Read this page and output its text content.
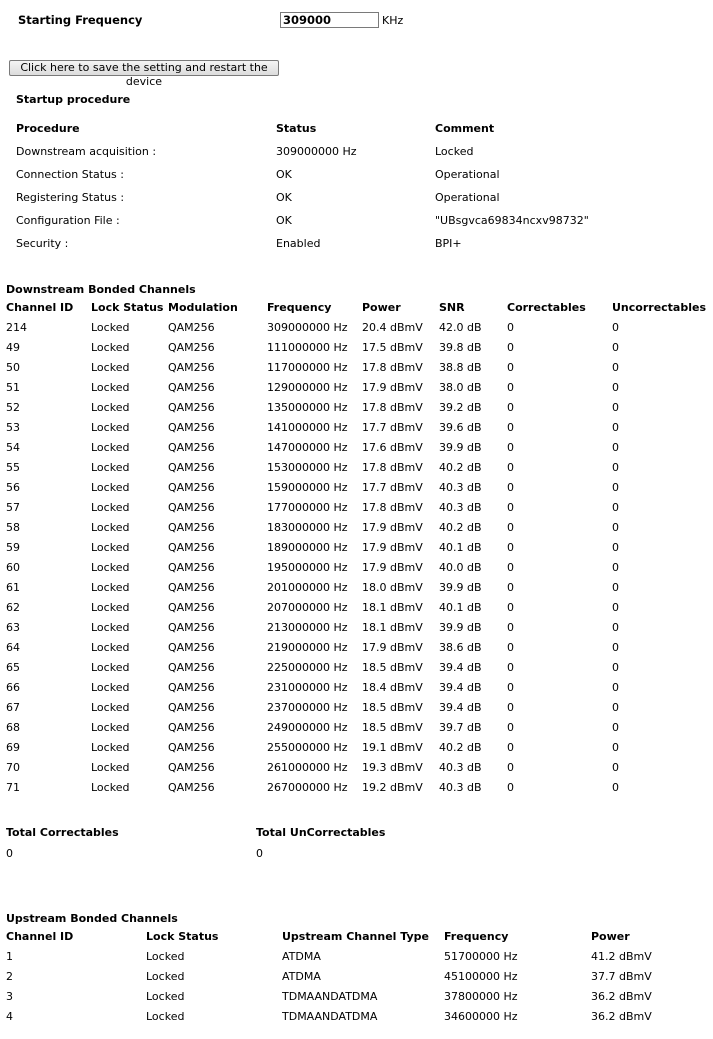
Starting Frequency
309000	KHz
Click here to save the setting and restart the device
Startup procedure
Procedure	Status	Comment
Downstream acquisition :	309000000 Hz	Locked
Connection Status :	OK	Operational
Registering Status :	OK	Operational
Configuration File :	OK	"UBsgvca69834ncxv98732"
Security :	Enabled	BPI+
Downstream Bonded Channels
Channel ID	Lock Status	Modulation	Frequency	Power	SNR	Correctables	Uncorrectables
214	Locked	QAM256	309000000 Hz	20.4 dBmV	42.0 dB	0	0
49	Locked	QAM256	111000000 Hz	17.5 dBmV	39.8 dB	0	0
50	Locked	QAM256	117000000 Hz	17.8 dBmV	38.8 dB	0	0
51	Locked	QAM256	129000000 Hz	17.9 dBmV	38.0 dB	0	0
52	Locked	QAM256	135000000 Hz	17.8 dBmV	39.2 dB	0	0
53	Locked	QAM256	141000000 Hz	17.7 dBmV	39.6 dB	0	0
54	Locked	QAM256	147000000 Hz	17.6 dBmV	39.9 dB	0	0
55	Locked	QAM256	153000000 Hz	17.8 dBmV	40.2 dB	0	0
56	Locked	QAM256	159000000 Hz	17.7 dBmV	40.3 dB	0	0
57	Locked	QAM256	177000000 Hz	17.8 dBmV	40.3 dB	0	0
58	Locked	QAM256	183000000 Hz	17.9 dBmV	40.2 dB	0	0
59	Locked	QAM256	189000000 Hz	17.9 dBmV	40.1 dB	0	0
60	Locked	QAM256	195000000 Hz	17.9 dBmV	40.0 dB	0	0
61	Locked	QAM256	201000000 Hz	18.0 dBmV	39.9 dB	0	0
62	Locked	QAM256	207000000 Hz	18.1 dBmV	40.1 dB	0	0
63	Locked	QAM256	213000000 Hz	18.1 dBmV	39.9 dB	0	0
64	Locked	QAM256	219000000 Hz	17.9 dBmV	38.6 dB	0	0
65	Locked	QAM256	225000000 Hz	18.5 dBmV	39.4 dB	0	0
66	Locked	QAM256	231000000 Hz	18.4 dBmV	39.4 dB	0	0
67	Locked	QAM256	237000000 Hz	18.5 dBmV	39.4 dB	0	0
68	Locked	QAM256	249000000 Hz	18.5 dBmV	39.7 dB	0	0
69	Locked	QAM256	255000000 Hz	19.1 dBmV	40.2 dB	0	0
70	Locked	QAM256	261000000 Hz	19.3 dBmV	40.3 dB	0	0
71	Locked	QAM256	267000000 Hz	19.2 dBmV	40.3 dB	0	0
Total Correctables	Total UnCorrectables
0	0
Upstream Bonded Channels
Channel ID	Lock Status	Upstream Channel Type	Frequency	Power
1	Locked	ATDMA	51700000 Hz	41.2 dBmV
2	Locked	ATDMA	45100000 Hz	37.7 dBmV
3	Locked	TDMAANDATDMA	37800000 Hz	36.2 dBmV
4	Locked	TDMAANDATDMA	34600000 Hz	36.2 dBmV
